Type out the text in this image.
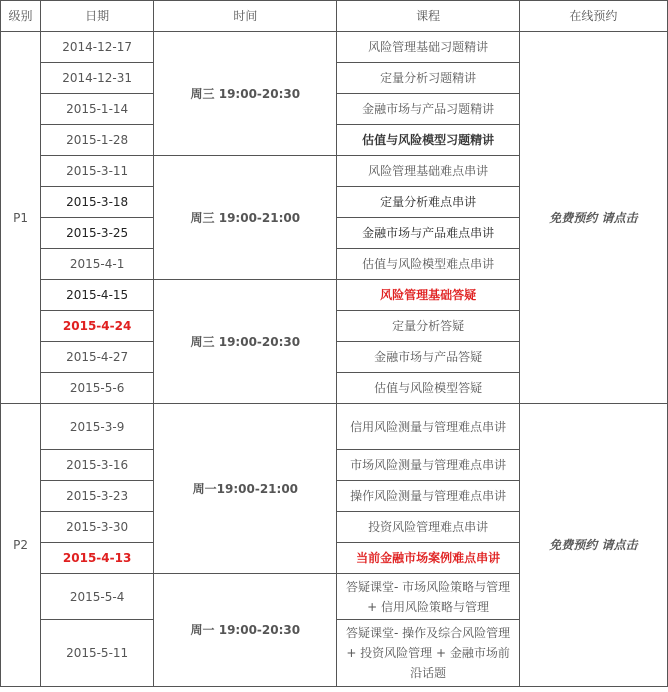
级别	日期	时间	课程	在线预约
P1	2014-12-17	周三 19:00-20:30	风险管理基础习题精讲	免费预约 请点击
	2014-12-31		定量分析习题精讲	
	2015-1-14		金融市场与产品习题精讲	
	2015-1-28		估值与风险模型习题精讲	
	2015-3-11	周三 19:00-21:00	风险管理基础难点串讲	
	2015-3-18		定量分析难点串讲	
	2015-3-25		金融市场与产品难点串讲	
	2015-4-1		估值与风险模型难点串讲	
	2015-4-15	周三 19:00-20:30	风险管理基础答疑	
	2015-4-24		定量分析答疑	
	2015-4-27		金融市场与产品答疑	
	2015-5-6		估值与风险模型答疑	
P2	2015-3-9	周一19:00-21:00	信用风险测量与管理难点串讲	免费预约 请点击
	2015-3-16		市场风险测量与管理难点串讲	
	2015-3-23		操作风险测量与管理难点串讲	
	2015-3-30		投资风险管理难点串讲	
	2015-4-13		当前金融市场案例难点串讲	
	2015-5-4	周一 19:00-20:30	答疑课堂- 市场风险策略与管理 + 信用风险策略与管理	
	2015-5-11		答疑课堂- 操作及综合风险管理 + 投资风险管理 + 金融市场前沿话题	
